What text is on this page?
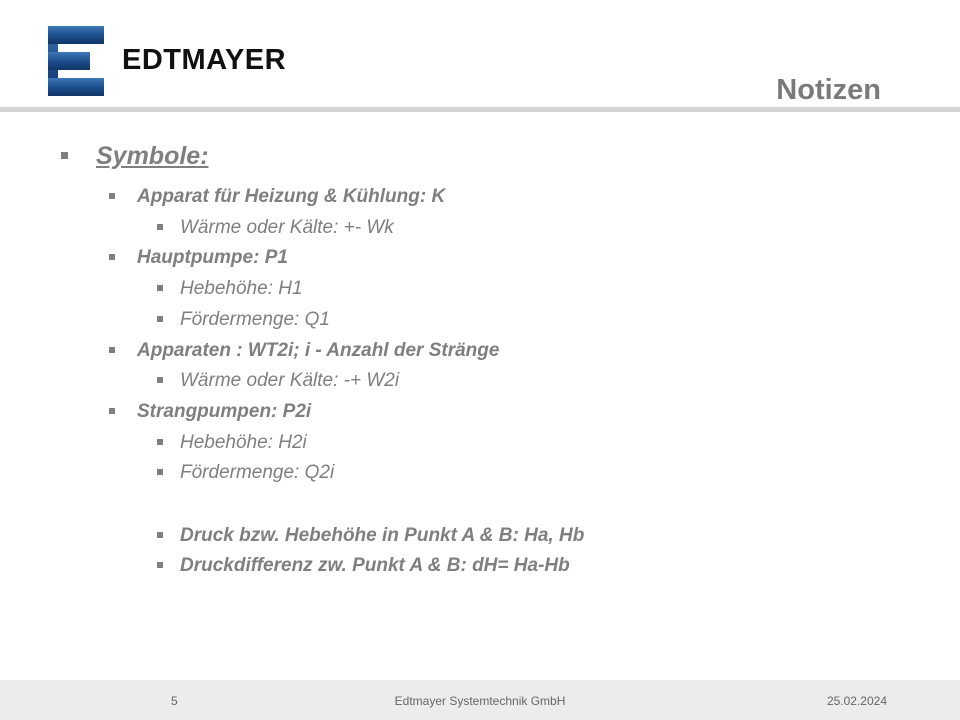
EDTMAYER
Notizen
Symbole:
Apparat für Heizung & Kühlung: K
Wärme oder Kälte: +- Wk
Hauptpumpe: P1
Hebehöhe: H1
Fördermenge: Q1
Apparaten : WT2i; i - Anzahl der Stränge
Wärme oder Kälte: -+ W2i
Strangpumpen: P2i
Hebehöhe: H2i
Fördermenge: Q2i
Druck bzw. Hebehöhe in Punkt A & B: Ha, Hb
Druckdifferenz zw. Punkt A & B: dH= Ha-Hb
5	Edtmayer Systemtechnik GmbH	25.02.2024
